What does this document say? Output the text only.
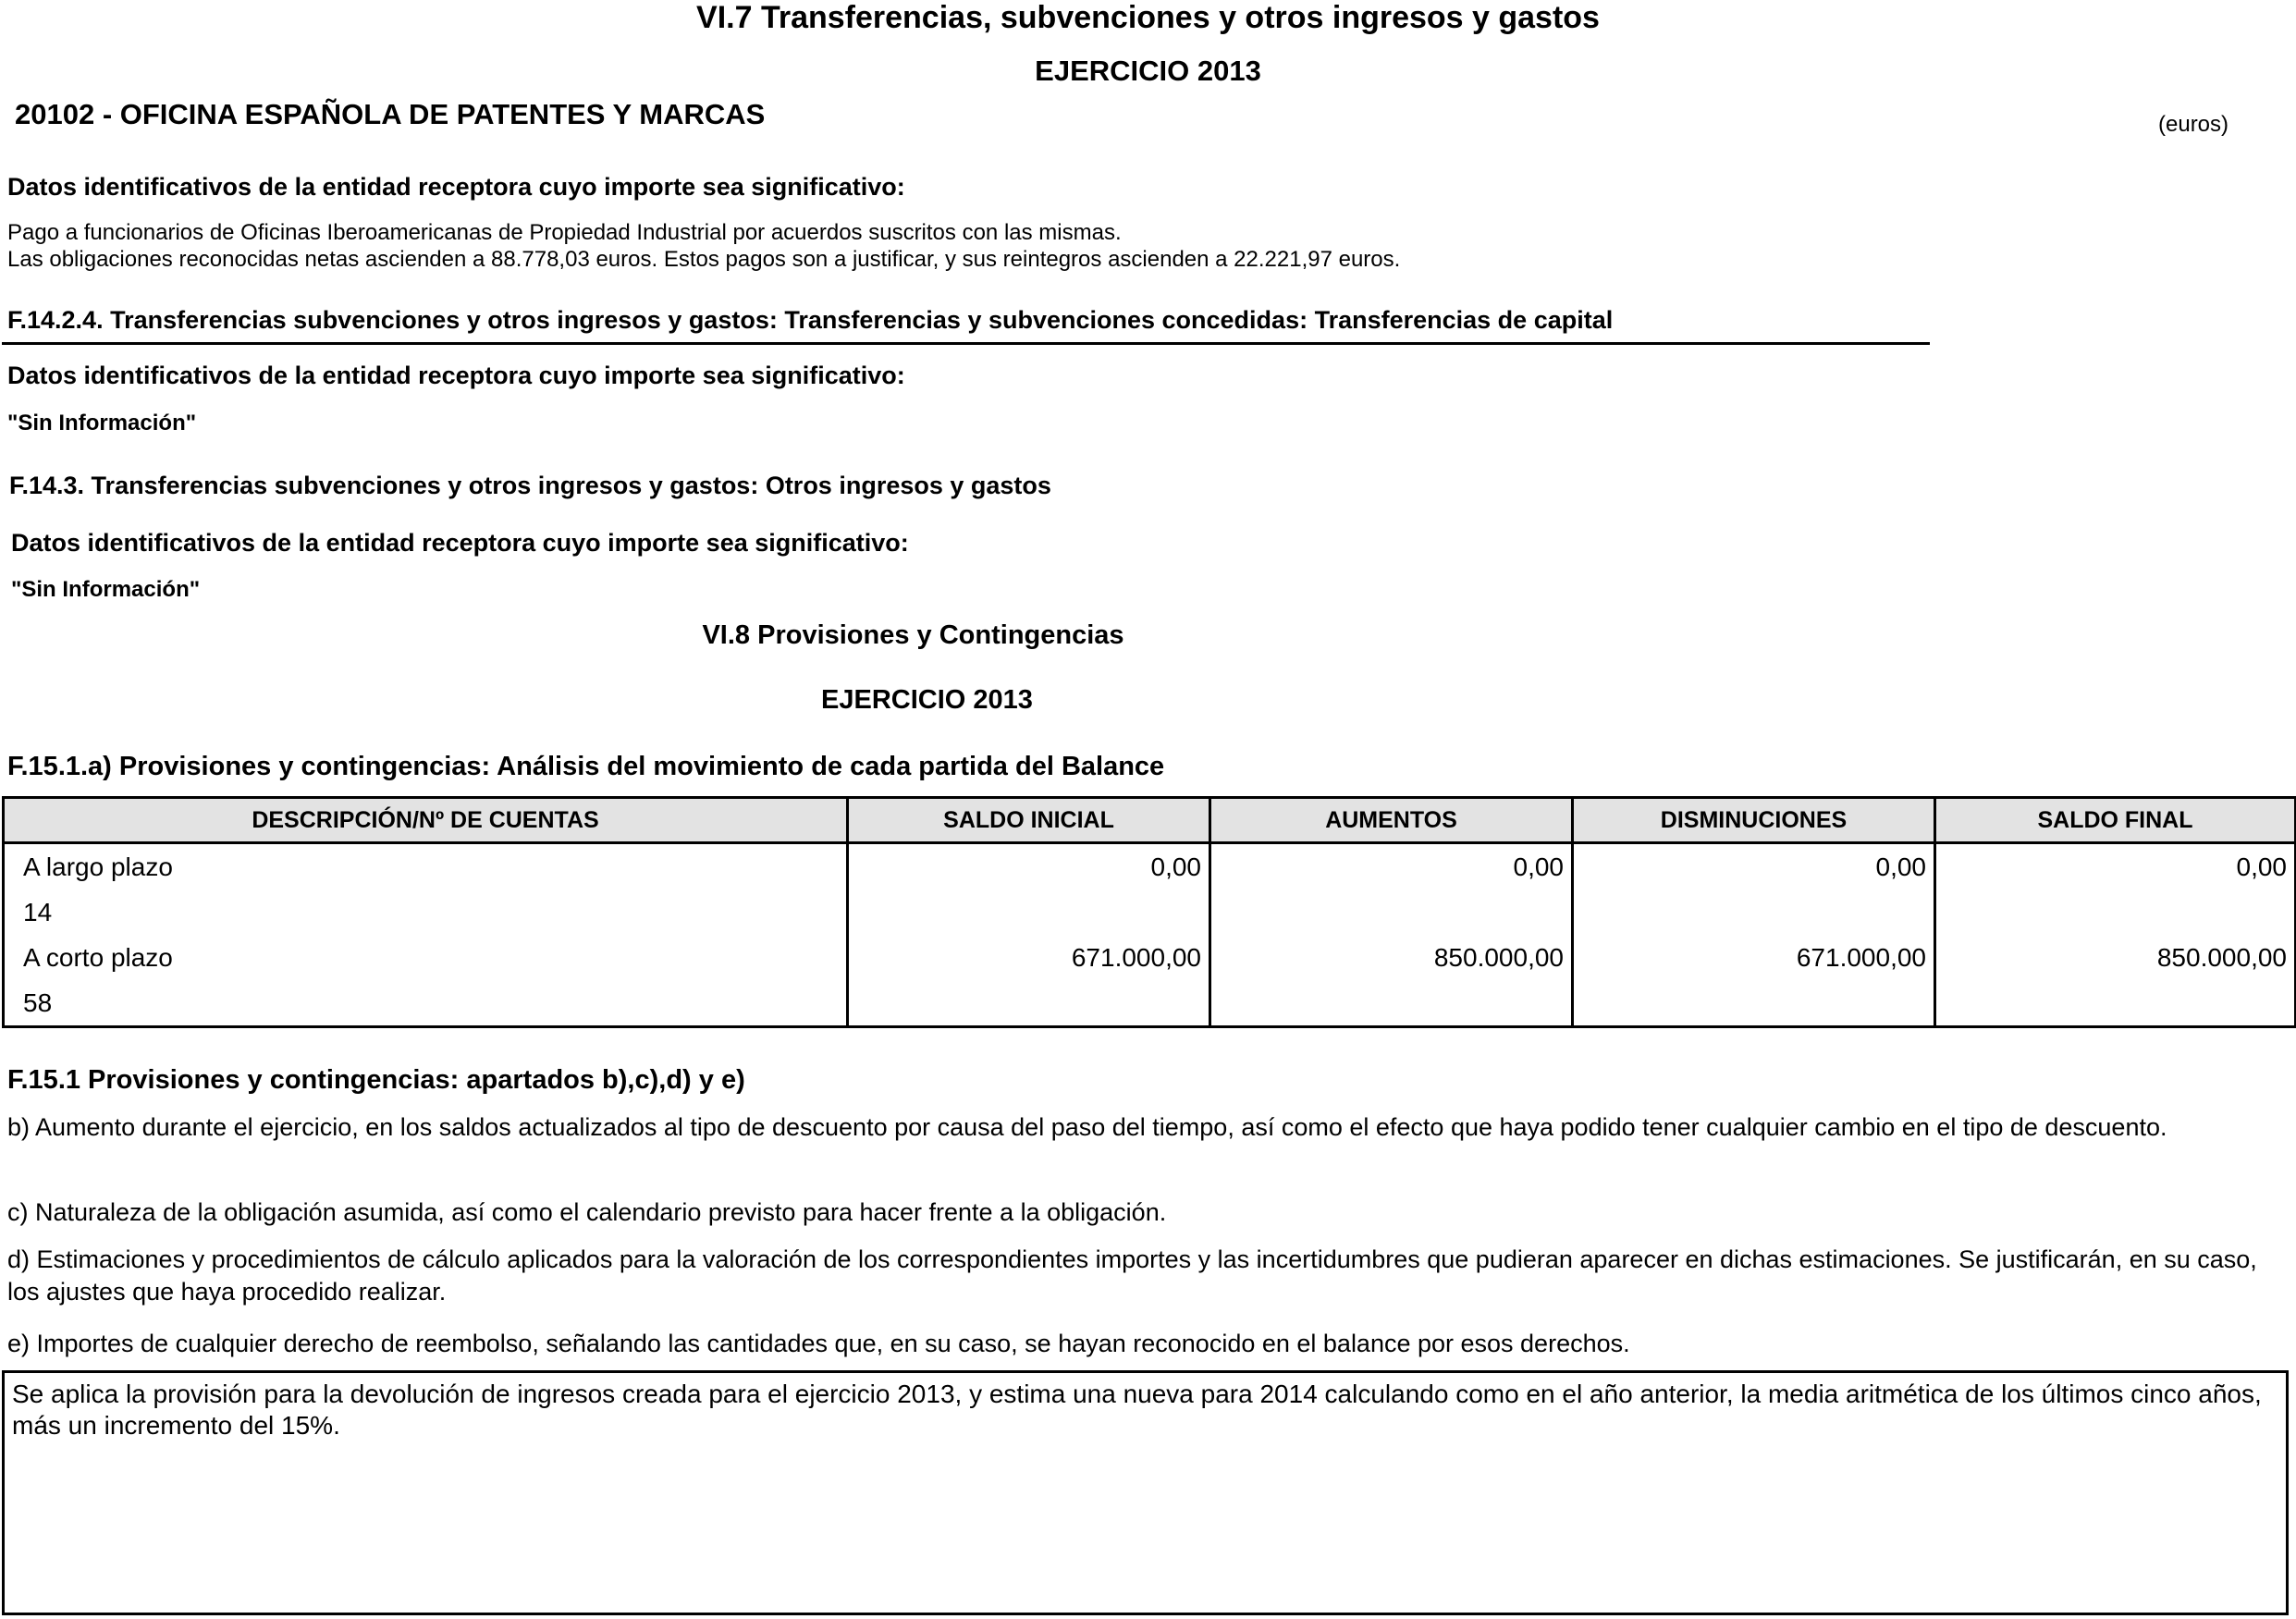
VI.7 Transferencias, subvenciones y otros ingresos y gastos
EJERCICIO 2013
20102 - OFICINA ESPAÑOLA DE PATENTES Y MARCAS	(euros)
Datos identificativos de la entidad receptora cuyo importe sea significativo:
Pago a funcionarios de Oficinas Iberoamericanas de Propiedad Industrial por acuerdos suscritos con las mismas.
Las obligaciones reconocidas netas ascienden a 88.778,03 euros. Estos pagos son a justificar, y sus reintegros ascienden a 22.221,97 euros.
F.14.2.4. Transferencias subvenciones y otros ingresos y gastos: Transferencias y subvenciones concedidas: Transferencias de capital
Datos identificativos de la entidad receptora cuyo importe sea significativo:
"Sin Información"
F.14.3. Transferencias subvenciones y otros ingresos y gastos: Otros ingresos y gastos
Datos identificativos de la entidad receptora cuyo importe sea significativo:
"Sin Información"
VI.8 Provisiones y Contingencias
EJERCICIO 2013
F.15.1.a) Provisiones y contingencias: Análisis del movimiento de cada partida del Balance
DESCRIPCIÓN/Nº DE CUENTAS	SALDO INICIAL	AUMENTOS	DISMINUCIONES	SALDO FINAL
A largo plazo	0,00	0,00	0,00	0,00
14				
A corto plazo	671.000,00	850.000,00	671.000,00	850.000,00
58				
F.15.1 Provisiones y contingencias: apartados b),c),d) y e)
b) Aumento durante el ejercicio, en los saldos actualizados al tipo de descuento por causa del paso del tiempo, así como el efecto que haya podido tener cualquier cambio en el tipo de descuento.
c) Naturaleza de la obligación asumida, así como el calendario previsto para hacer frente a la obligación.
d) Estimaciones y procedimientos de cálculo aplicados para la valoración de los correspondientes importes y las incertidumbres que pudieran aparecer en dichas estimaciones. Se justificarán, en su caso, los ajustes que haya procedido realizar.
e) Importes de cualquier derecho de reembolso, señalando las cantidades que, en su caso, se hayan reconocido en el balance por esos derechos.

Se aplica la provisión para la devolución de ingresos creada para el ejercicio 2013, y estima una nueva para 2014 calculando como en el año anterior, la media aritmética de los últimos cinco años, más un incremento del 15%.
